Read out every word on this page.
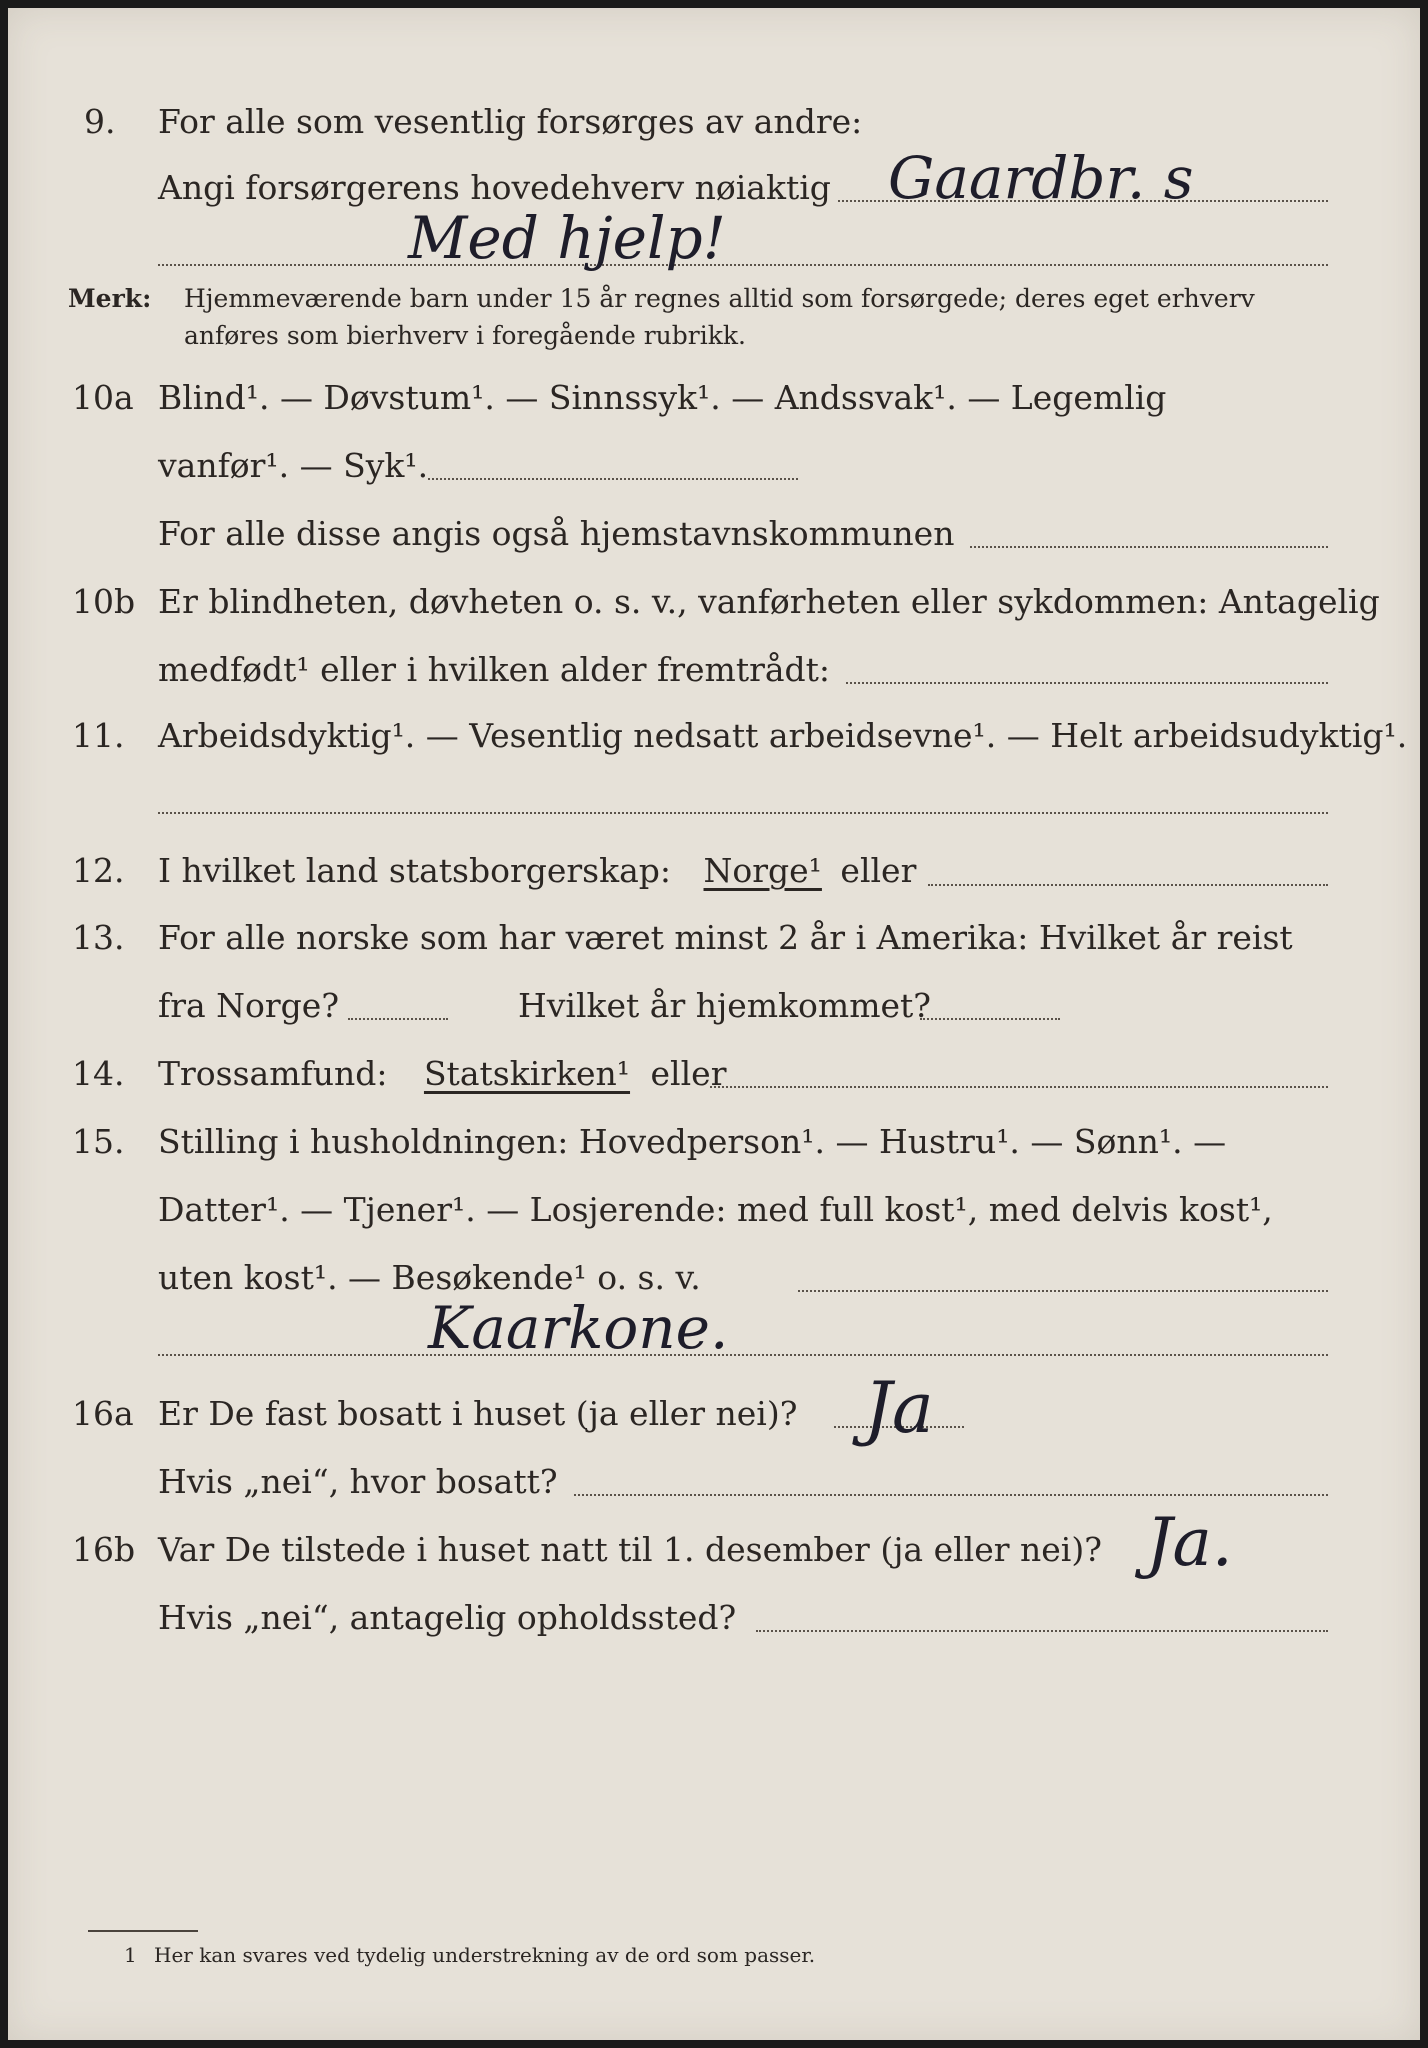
9. For alle som vesentlig forsørges av andre:
Angi forsørgerens hovedehverv nøiaktig Gaardbr. s
Med hjelp!
Merk: Hjemmeværende barn under 15 år regnes alltid som forsørgede; deres eget erhverv
anføres som bierhverv i foregående rubrikk.
10a Blind¹. — Døvstum¹. — Sinnssyk¹. — Andssvak¹. — Legemlig
vanfør¹. — Syk¹.
For alle disse angis også hjemstavnskommunen
10b Er blindheten, døvheten o. s. v., vanførheten eller sykdommen: Antagelig
medfødt¹ eller i hvilken alder fremtrådt:
11. Arbeidsdyktig¹. — Vesentlig nedsatt arbeidsevne¹. — Helt arbeidsudyktig¹.
12. I hvilket land statsborgerskap: Norge¹ eller
13. For alle norske som har været minst 2 år i Amerika: Hvilket år reist
fra Norge?	Hvilket år hjemkommet?
14. Trossamfund: Statskirken¹ eller
15. Stilling i husholdningen: Hovedperson¹. — Hustru¹. — Sønn¹. —
Datter¹. — Tjener¹. — Losjerende: med full kost¹, med delvis kost¹,
uten kost¹. — Besøkende¹ o. s. v.
Kaarkone.
16a Er De fast bosatt i huset (ja eller nei)? Ja
Hvis „nei“, hvor bosatt?
16b Var De tilstede i huset natt til 1. desember (ja eller nei)? Ja.
Hvis „nei“, antagelig opholdssted?
1 Her kan svares ved tydelig understrekning av de ord som passer.
